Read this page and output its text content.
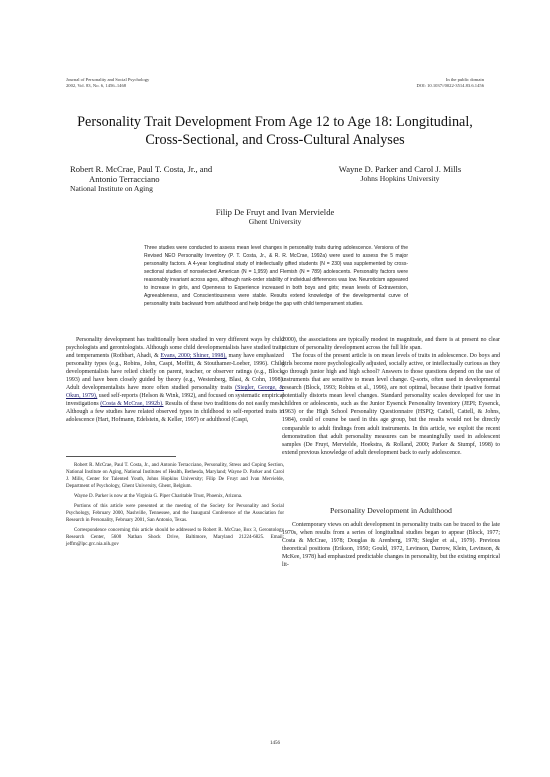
Journal of Personality and Social Psychology
2002, Vol. 83, No. 6, 1456–1468
In the public domain
DOI: 10.1037//0022-3514.83.6.1456
Personality Trait Development From Age 12 to Age 18: Longitudinal,
Cross-Sectional, and Cross-Cultural Analyses
Robert R. McCrae, Paul T. Costa, Jr., and
Antonio Terracciano
National Institute on Aging
Wayne D. Parker and Carol J. Mills
Johns Hopkins University
Filip De Fruyt and Ivan Mervielde
Ghent University
Three studies were conducted to assess mean level changes in personality traits during adolescence. Versions of the Revised NEO Personality Inventory (P. T. Costa, Jr., & R. R. McCrae, 1992a) were used to assess the 5 major personality factors. A 4-year longitudinal study of intellectually gifted students (N = 230) was supplemented by cross-sectional studies of nonselected American (N = 1,959) and Flemish (N = 789) adolescents. Personality factors were reasonably invariant across ages, although rank-order stability of individual differences was low. Neuroticism appeared to increase in girls, and Openness to Experience increased in both boys and girls; mean levels of Extraversion, Agreeableness, and Conscientiousness were stable. Results extend knowledge of the developmental curve of personality traits backward from adulthood and help bridge the gap with child temperament studies.

Personality development has traditionally been studied in very different ways by child psychologists and gerontologists. Although some child developmentalists have studied traits and temperaments (Rothbart, Ahadi, & Evans, 2000; Shiner, 1998), many have emphasized personality types (e.g., Robins, John, Caspi, Moffitt, & Stouthamer-Loeber, 1996). Child developmentalists have relied chiefly on parent, teacher, or observer ratings (e.g., Block, 1993) and have been closely guided by theory (e.g., Westenberg, Blasi, & Cohn, 1998). Adult developmentalists have more often studied personality traits (Siegler, George, & Okun, 1979), used self-reports (Helson & Wink, 1992), and focused on systematic empirical investigations (Costa & McCrae, 1992b). Results of these two traditions do not easily mesh. Although a few studies have related observed types in childhood to self-reported traits in adolescence (Hart, Hofmann, Edelstein, & Keller, 1997) or adulthood (Caspi,

Robert R. McCrae, Paul T. Costa, Jr., and Antonio Terracciano, Personality, Stress and Coping Section, National Institute on Aging, National Institutes of Health, Bethesda, Maryland; Wayne D. Parker and Carol J. Mills, Center for Talented Youth, Johns Hopkins University; Filip De Fruyt and Ivan Mervielde, Department of Psychology, Ghent University, Ghent, Belgium.

Wayne D. Parker is now at the Virginia G. Piper Charitable Trust, Phoenix, Arizona.

Portions of this article were presented at the meeting of the Society for Personality and Social Psychology, February 2000, Nashville, Tennessee, and the Inaugural Conference of the Association for Research in Personality, February 2001, San Antonio, Texas.

Correspondence concerning this article should be addressed to Robert R. McCrae, Box 3, Gerontology Research Center, 5600 Nathan Shock Drive, Baltimore, Maryland 21224-6825. Email: jeffm@lpc.grc.nia.nih.gov

2000), the associations are typically modest in magnitude, and there is at present no clear picture of personality development across the full life span.

The focus of the present article is on mean levels of traits in adolescence. Do boys and girls become more psychologically adjusted, socially active, or intellectually curious as they go through junior high and high school? Answers to those questions depend on the use of instruments that are sensitive to mean level change. Q-sorts, often used in developmental research (Block, 1993; Robins et al., 1996), are not optimal, because their ipsative format potentially distorts mean level changes. Standard personality scales developed for use in children or adolescents, such as the Junior Eysenck Personality Inventory (JEPI; Eysenck, 1963) or the High School Personality Questionnaire (HSPQ; Cattell, Cattell, & Johns, 1984), could of course be used in this age group, but the results would not be directly comparable to adult findings from adult instruments. In this article, we exploit the recent demonstration that adult personality measures can be meaningfully used in adolescent samples (De Fruyt, Mervielde, Hoekstra, & Rolland, 2000; Parker & Stumpf, 1998) to extend previous knowledge of adult development back to early adolescence.

Personality Development in Adulthood

Contemporary views on adult development in personality traits can be traced to the late 1970s, when results from a series of longitudinal studies began to appear (Block, 1977; Costa & McCrae, 1978; Douglas & Arenberg, 1978; Siegler et al., 1979). Previous theoretical positions (Erikson, 1950; Gould, 1972, Levinson, Darrow, Klein, Levinson, & McKee, 1978) had emphasized predictable changes in personality, but the existing empirical lit-

1456
